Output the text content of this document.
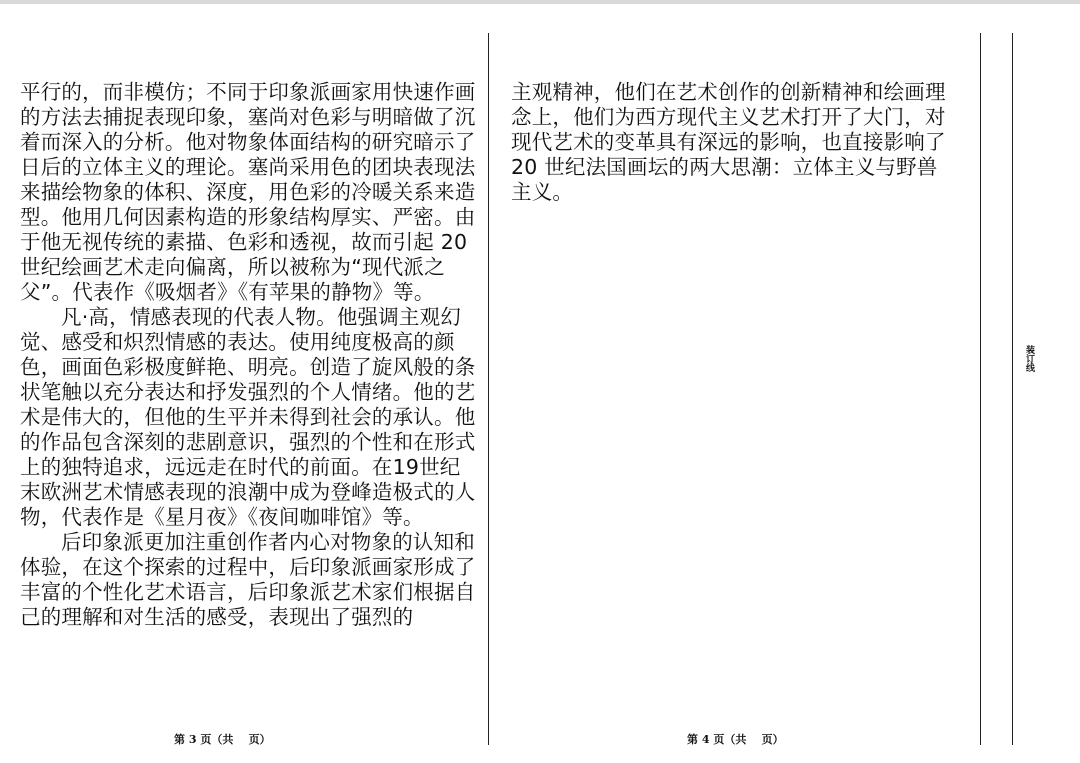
平行的，而非模仿；不同于印象派画家用快速作画的方法去捕捉表现印象，塞尚对色彩与明暗做了沉着而深入的分析。他对物象体面结构的研究暗示了日后的立体主义的理论。塞尚采用色的团块表现法来描绘物象的体积、深度，用色彩的冷暖关系来造型。他用几何因素构造的形象结构厚实、严密。由于他无视传统的素描、色彩和透视，故而引起 20 世纪绘画艺术走向偏离，所以被称为“现代派之父”。代表作《吸烟者》《有苹果的静物》等。

凡·高，情感表现的代表人物。他强调主观幻觉、感受和炽烈情感的表达。使用纯度极高的颜色，画面色彩极度鲜艳、明亮。创造了旋风般的条状笔触以充分表达和抒发强烈的个人情绪。他的艺术是伟大的，但他的生平并未得到社会的承认。他的作品包含深刻的悲剧意识，强烈的个性和在形式上的独特追求，远远走在时代的前面。在19世纪末欧洲艺术情感表现的浪潮中成为登峰造极式的人物，代表作是《星月夜》《夜间咖啡馆》等。

后印象派更加注重创作者内心对物象的认知和体验，在这个探索的过程中，后印象派画家形成了丰富的个性化艺术语言，后印象派艺术家们根据自己的理解和对生活的感受，表现出了强烈的

主观精神，他们在艺术创作的创新精神和绘画理念上，他们为西方现代主义艺术打开了大门，对现代艺术的变革具有深远的影响，也直接影响了 20 世纪法国画坛的两大思潮：立体主义与野兽主义。

装订线
第 3 页（共    页）	第 4 页（共    页）
